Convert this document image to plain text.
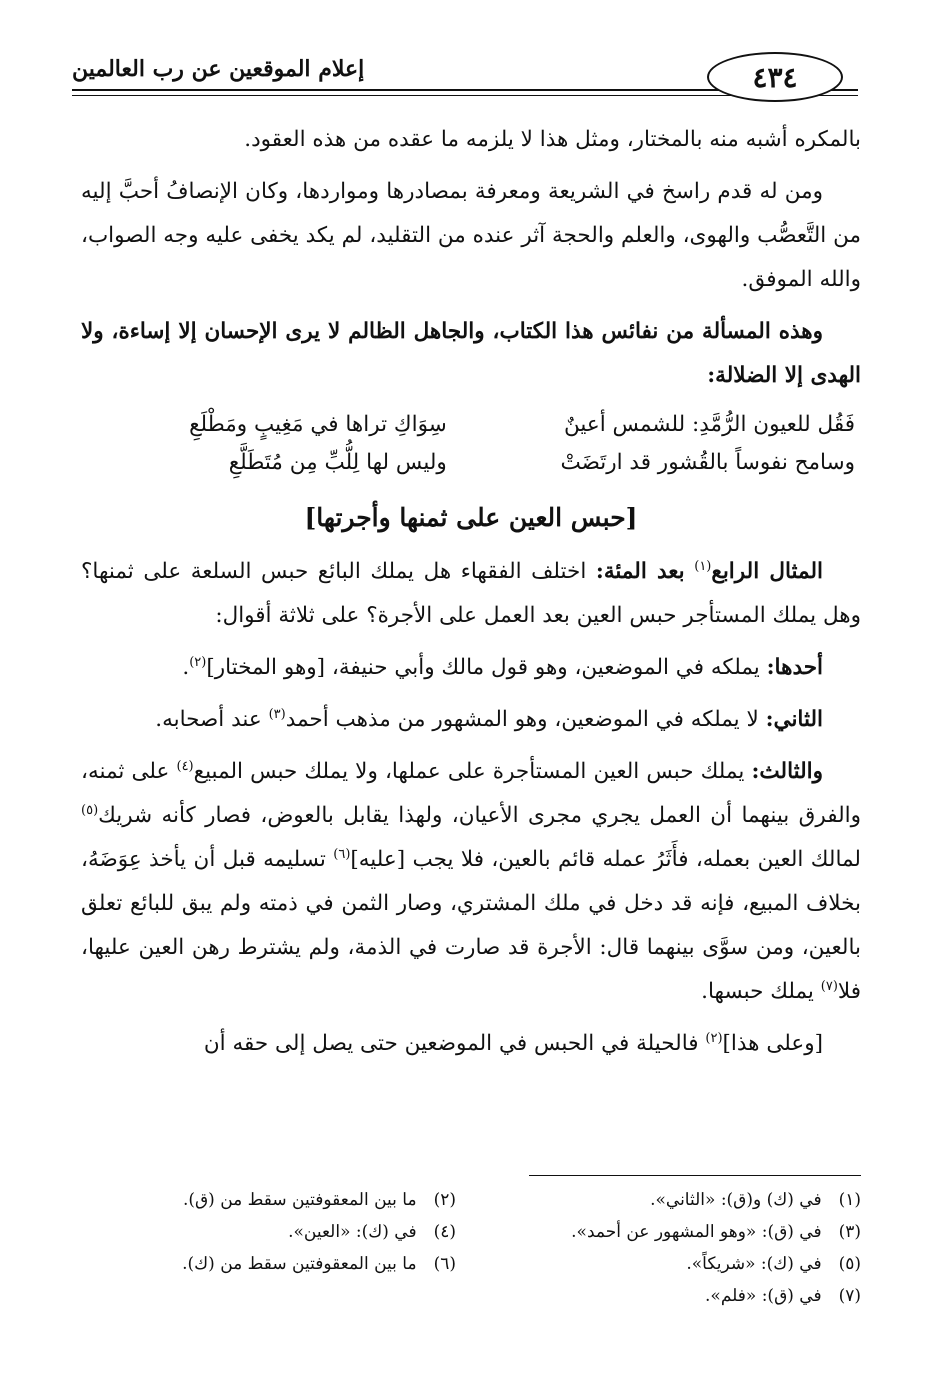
إعلام الموقعين عن رب العالمين	٤٣٤

بالمكره أشبه منه بالمختار، ومثل هذا لا يلزمه ما عقده من هذه العقود.

ومن له قدم راسخ في الشريعة ومعرفة بمصادرها ومواردها، وكان الإنصافُ أحبَّ إليه من التَّعصُّب والهوى، والعلم والحجة آثر عنده من التقليد، لم يكد يخفى عليه وجه الصواب، والله الموفق.

وهذه المسألة من نفائس هذا الكتاب، والجاهل الظالم لا يرى الإحسان إلا إساءة، ولا الهدى إلا الضلالة:

فَقُل للعيون الرُّمَّدِ: للشمس أعينٌ
سِوَاكِ تراها في مَغِيبٍ ومَطْلَعِ
وسامح نفوساً بالقُشور قد ارتَضَتْ
وليس لها لِلُّبِّ مِن مُتَطَلَّعِ
[حبس العين على ثمنها وأجرتها]

المثال الرابع$^{(١)}$ بعد المئة: اختلف الفقهاء هل يملك البائع حبس السلعة على ثمنها؟ وهل يملك المستأجر حبس العين بعد العمل على الأجرة؟ على ثلاثة أقوال:

أحدها: يملكه في الموضعين، وهو قول مالك وأبي حنيفة، [وهو المختار]$^{(٢)}$.

الثاني: لا يملكه في الموضعين، وهو المشهور من مذهب أحمد$^{(٣)}$ عند أصحابه.

والثالث: يملك حبس العين المستأجرة على عملها، ولا يملك حبس المبيع$^{(٤)}$ على ثمنه، والفرق بينهما أن العمل يجري مجرى الأعيان، ولهذا يقابل بالعوض، فصار كأنه شريك$^{(٥)}$ لمالك العين بعمله، فأَثَرُ عمله قائم بالعين، فلا يجب [عليه]$^{(٦)}$ تسليمه قبل أن يأخذ عِوَضَهُ، بخلاف المبيع، فإنه قد دخل في ملك المشتري، وصار الثمن في ذمته ولم يبق للبائع تعلق بالعين، ومن سوَّى بينهما قال: الأجرة قد صارت في الذمة، ولم يشترط رهن العين عليها، فلا$^{(٧)}$ يملك حبسها.

[وعلى هذا]$^{(٢)}$ فالحيلة في الحبس في الموضعين حتى يصل إلى حقه أن

(١) في (ك) و(ق): «الثاني».
(٢) ما بين المعقوفتين سقط من (ق).
(٣) في (ق): «وهو المشهور عن أحمد».
(٤) في (ك): «العين».
(٥) في (ك): «شريكاً».
(٦) ما بين المعقوفتين سقط من (ك).
(٧) في (ق): «فلم».
